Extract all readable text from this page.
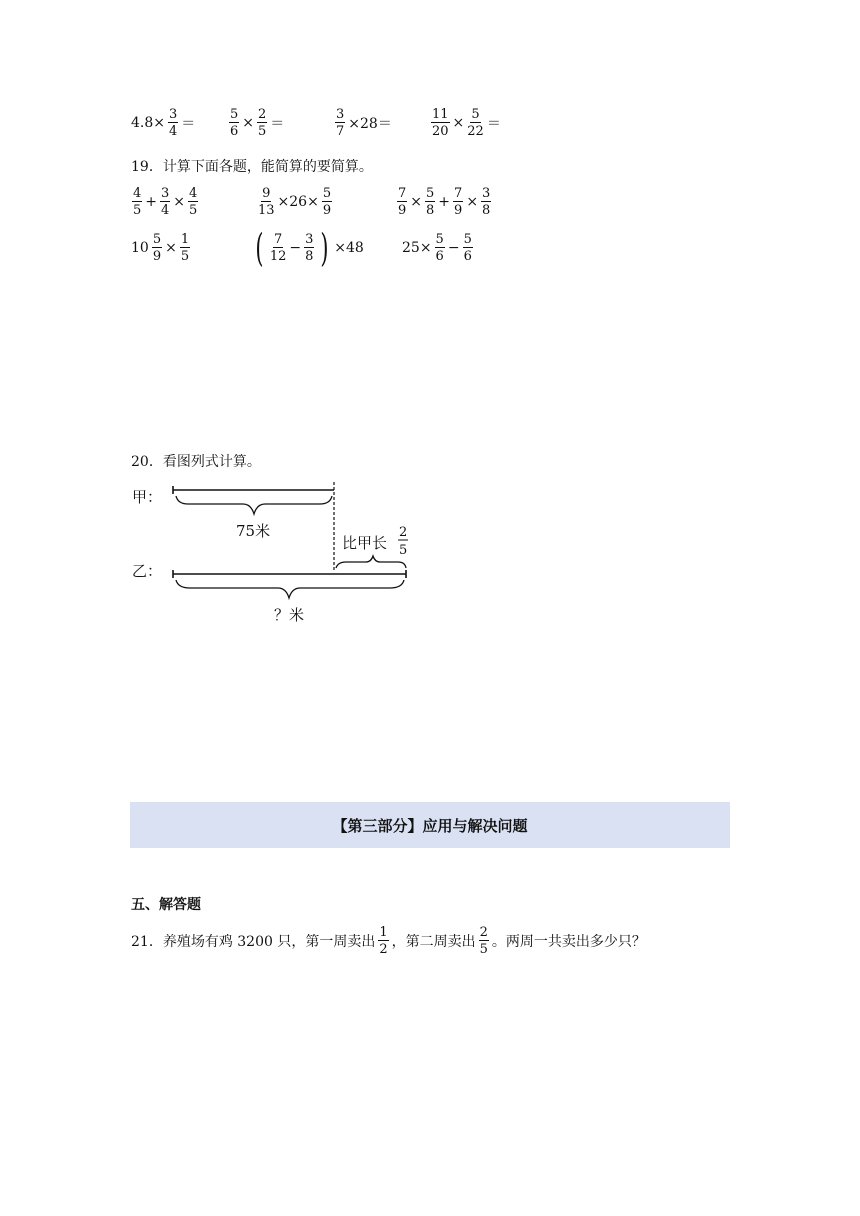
$4.8\times \frac{3}{4}$ ＝	$\frac{5}{6} \times \frac{2}{5}$ ＝	$\frac{3}{7} \times 28=$	$\frac{11}{20} \times \frac{5}{22}$ ＝
19．计算下面各题，能简算的要简算。
$\frac{4}{5} + \frac{3}{4} \times \frac{4}{5}$	$\frac{9}{13} \times 26\times \frac{5}{9}$	$\frac{7}{9} \times \frac{5}{8} + \frac{7}{9} \times \frac{3}{8}$
$10 \frac{5}{9} \times \frac{1}{5}$ ( $\frac{7}{12} - \frac{3}{8}$ ) ×48	$25\times \frac{5}{6} - \frac{5}{6}$
20．看图列式计算。
甲：
75米
比甲长
2
5
乙：
？米
【第三部分】应用与解决问题
五、解答题
21．养殖场有鸡 3200 只，第一周卖出 $\frac{1}{2}$ ，第二周卖出 $\frac{2}{5}$ 。两周一共卖出多少只？
